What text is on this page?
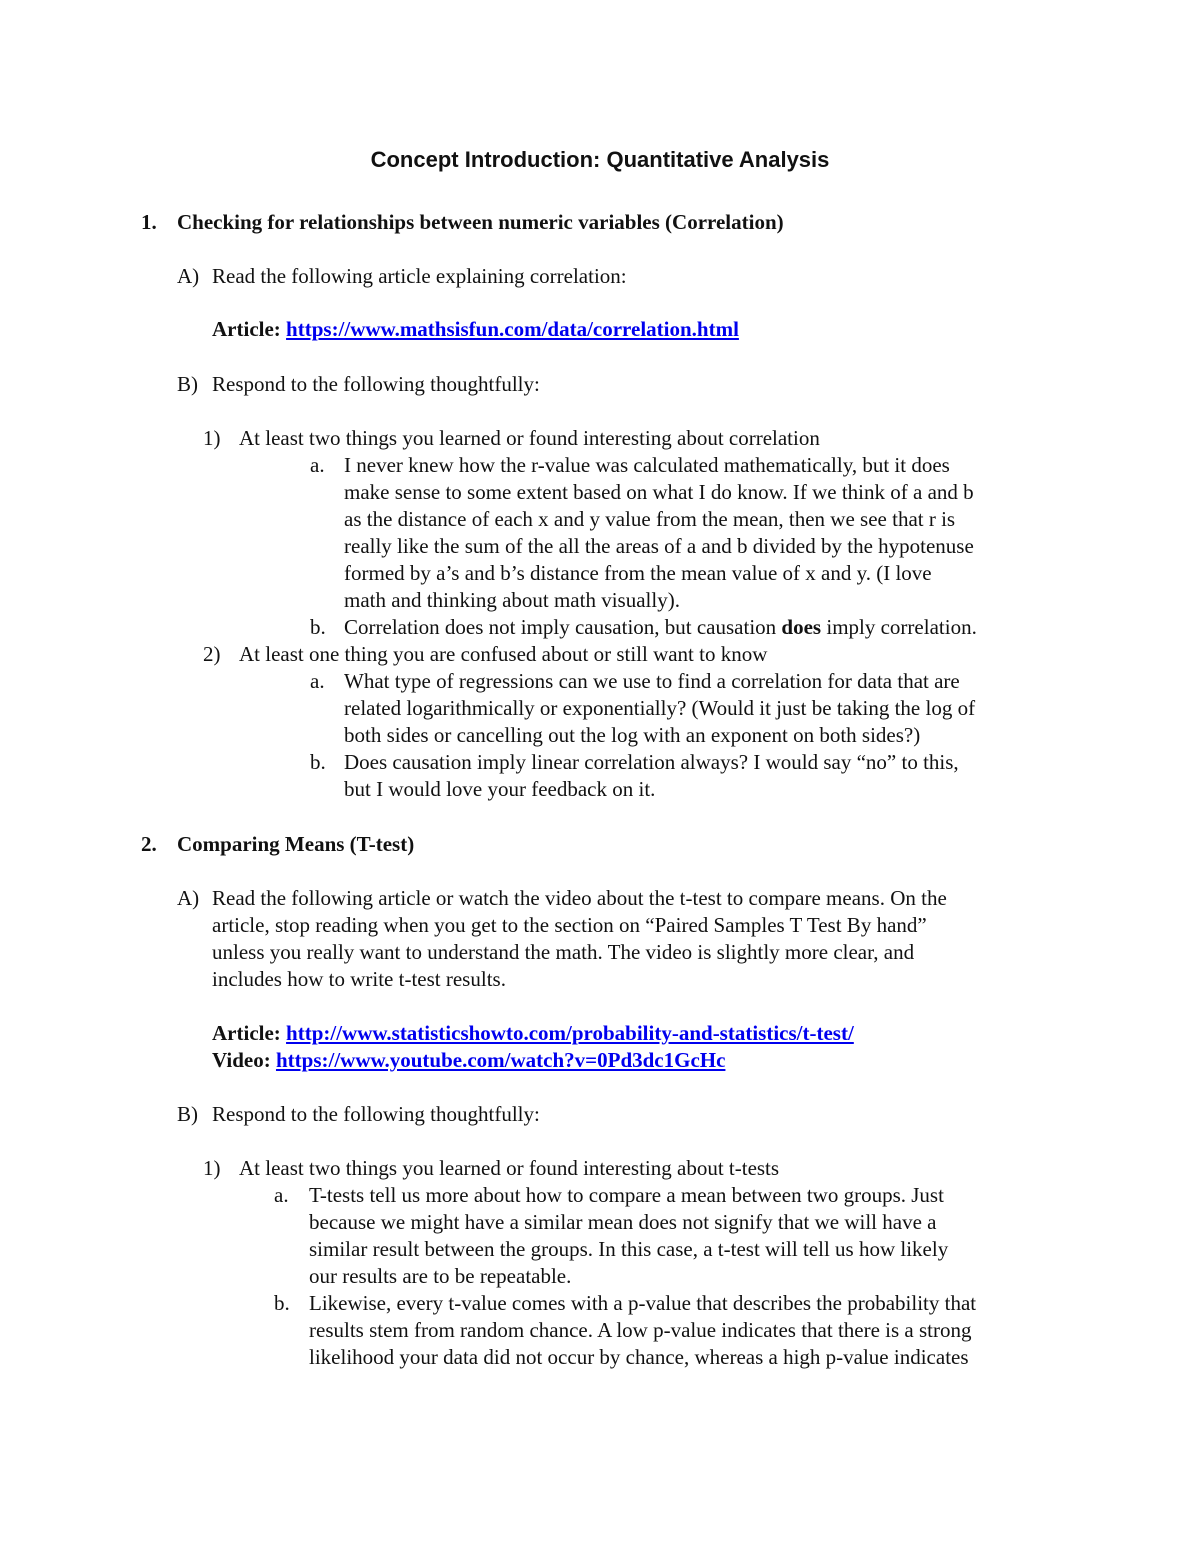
Concept Introduction: Quantitative Analysis
1. Checking for relationships between numeric variables (Correlation)
A) Read the following article explaining correlation:
Article: https://www.mathsisfun.com/data/correlation.html
B) Respond to the following thoughtfully:
1) At least two things you learned or found interesting about correlation
a. I never knew how the r-value was calculated mathematically, but it does
make sense to some extent based on what I do know. If we think of a and b
as the distance of each x and y value from the mean, then we see that r is
really like the sum of the all the areas of a and b divided by the hypotenuse
formed by a’s and b’s distance from the mean value of x and y. (I love
math and thinking about math visually).
b. Correlation does not imply causation, but causation does imply correlation.
2) At least one thing you are confused about or still want to know
a. What type of regressions can we use to find a correlation for data that are
related logarithmically or exponentially? (Would it just be taking the log of
both sides or cancelling out the log with an exponent on both sides?)
b. Does causation imply linear correlation always? I would say “no” to this,
but I would love your feedback on it.
2. Comparing Means (T-test)
A) Read the following article or watch the video about the t-test to compare means. On the
article, stop reading when you get to the section on “Paired Samples T Test By hand”
unless you really want to understand the math. The video is slightly more clear, and
includes how to write t-test results.
Article: http://www.statisticshowto.com/probability-and-statistics/t-test/
Video: https://www.youtube.com/watch?v=0Pd3dc1GcHc
B) Respond to the following thoughtfully:
1) At least two things you learned or found interesting about t-tests
a. T-tests tell us more about how to compare a mean between two groups. Just
because we might have a similar mean does not signify that we will have a
similar result between the groups. In this case, a t-test will tell us how likely
our results are to be repeatable.
b. Likewise, every t-value comes with a p-value that describes the probability that
results stem from random chance. A low p-value indicates that there is a strong
likelihood your data did not occur by chance, whereas a high p-value indicates
